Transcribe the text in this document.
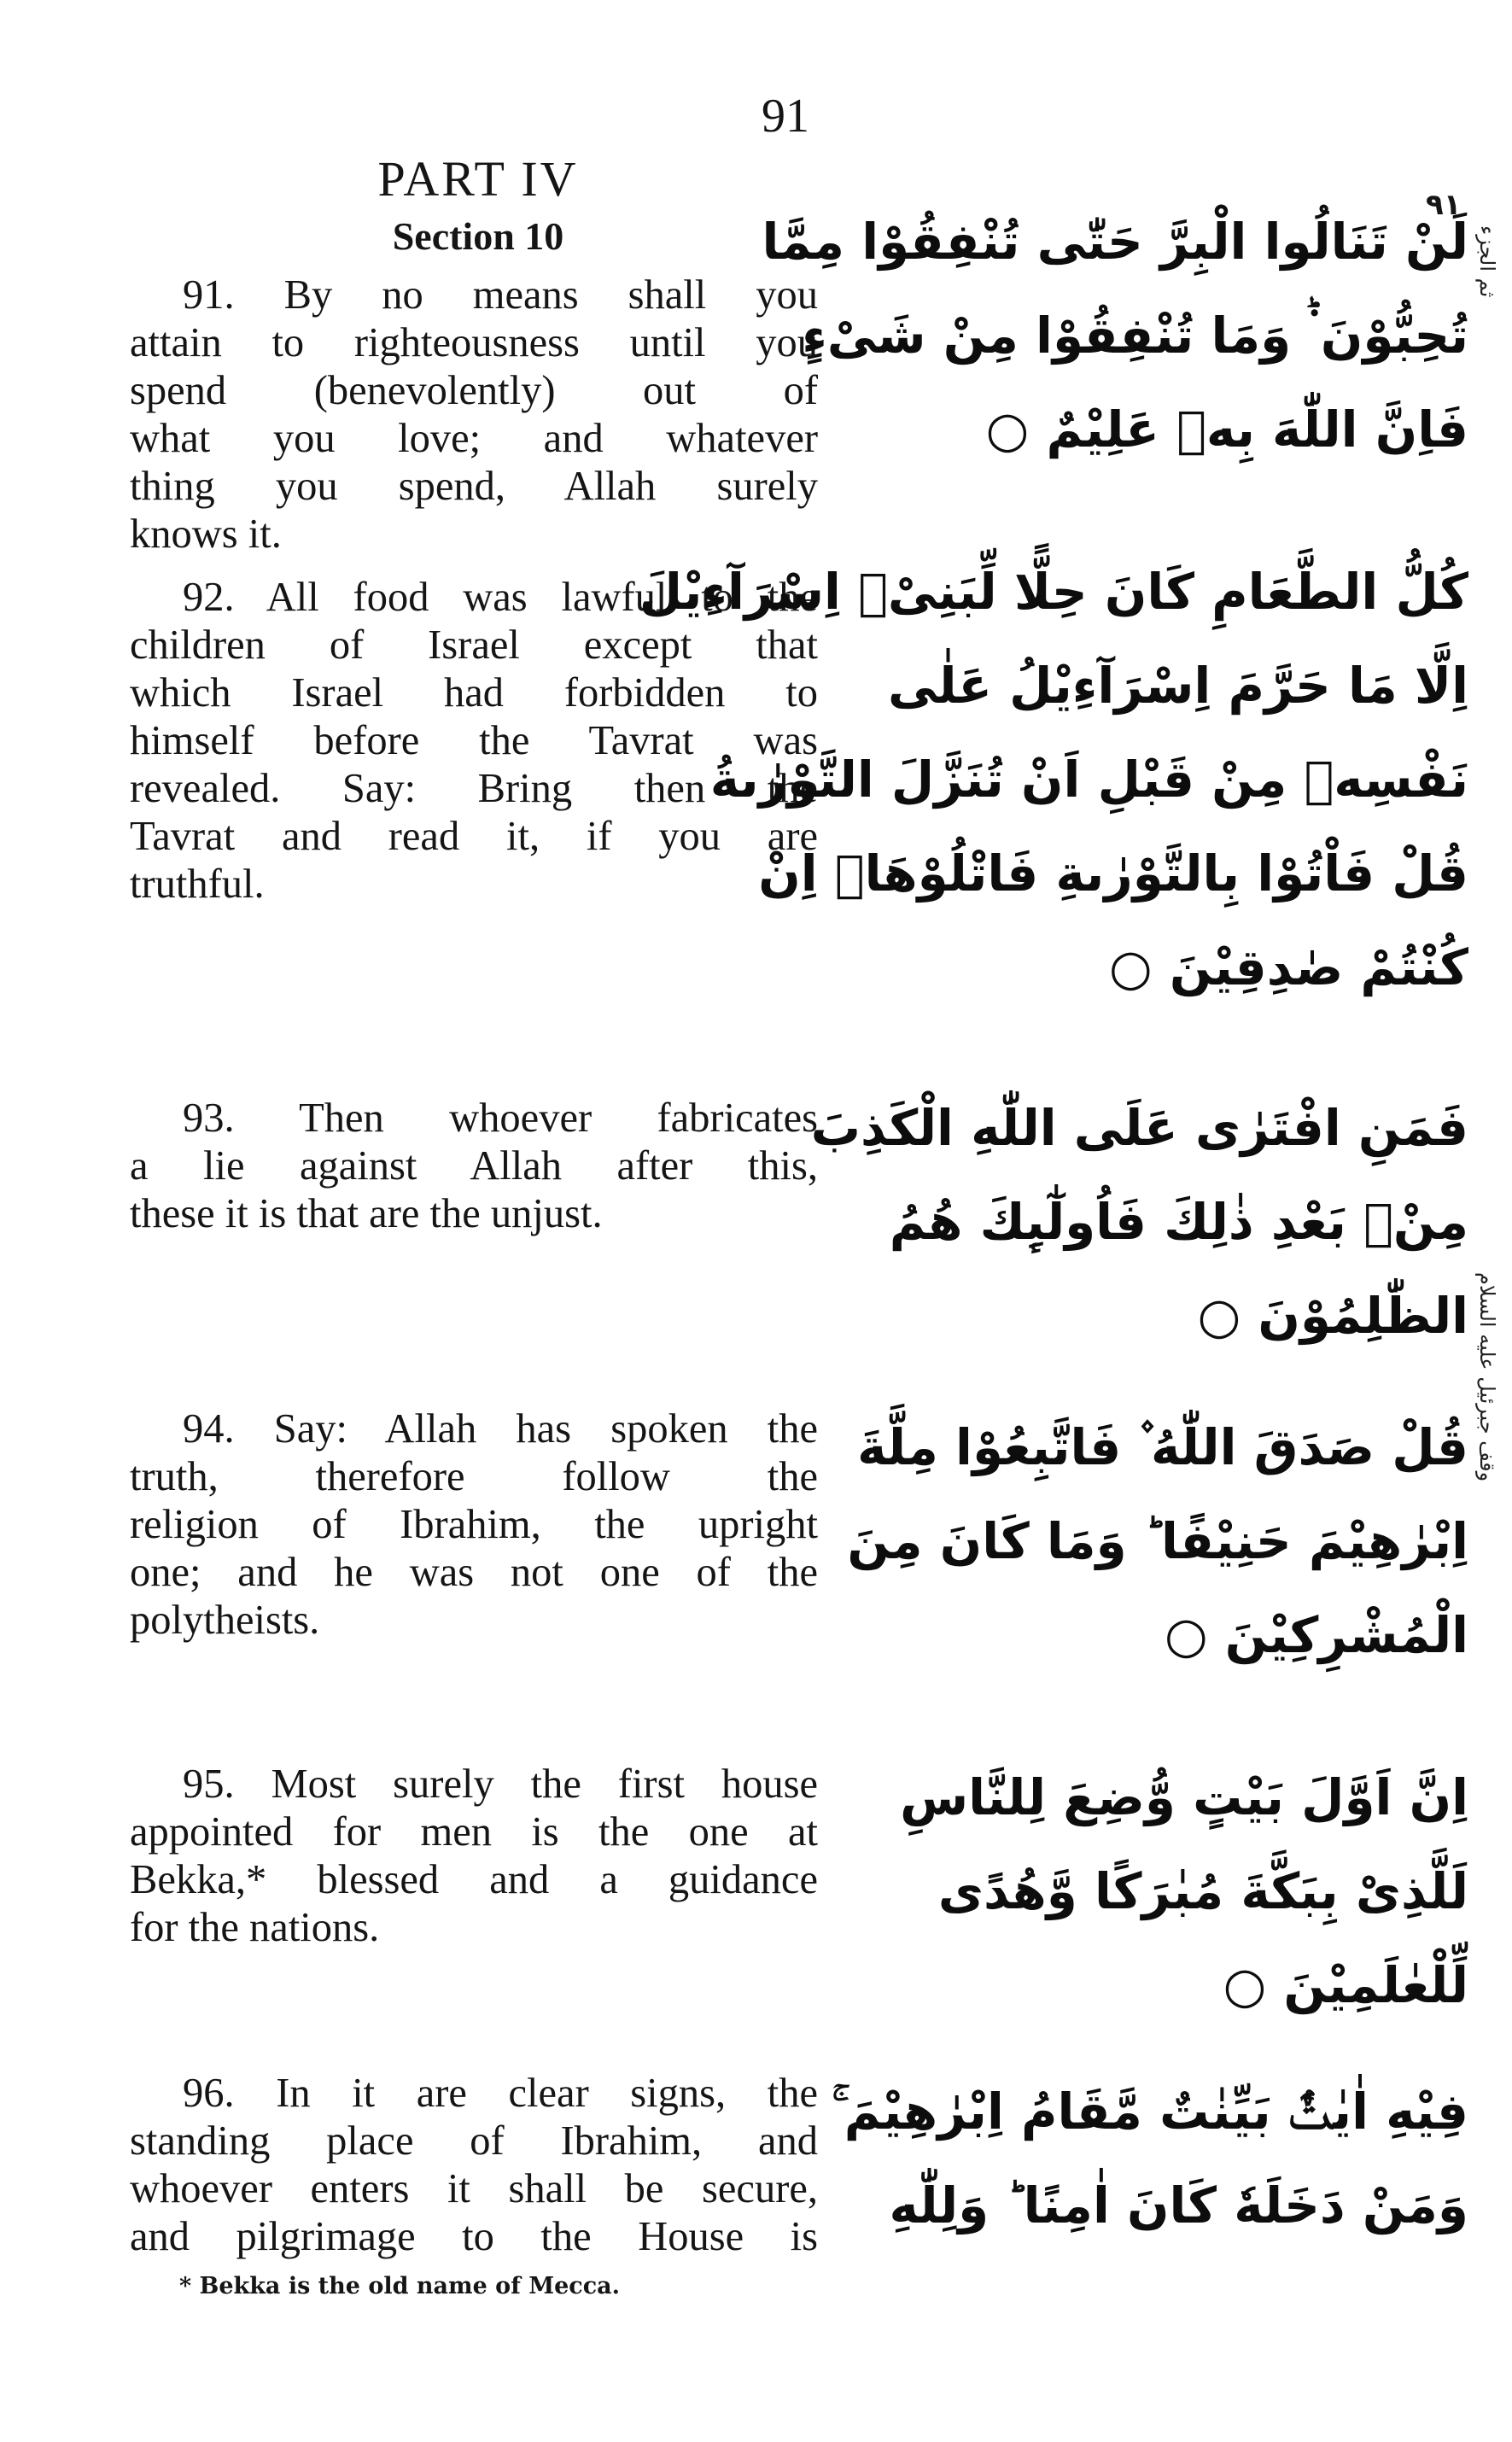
91
PART IV
Section 10

91. By no means shall you

attain to righteousness until you

spend (benevolently) out of

what you love; and whatever

thing you spend, Allah surely

knows it.

92. All food was lawful to the

children of Israel except that

which Israel had forbidden to

himself before the Tavrat was

revealed. Say: Bring then the

Tavrat and read it, if you are

truthful.

93. Then whoever fabricates

a lie against Allah after this,

these it is that are the unjust.

94. Say: Allah has spoken the

truth, therefore follow the

religion of Ibrahim, the upright

one; and he was not one of the

polytheists.

95. Most surely the first house

appointed for men is the one at

Bekka,* blessed and a guidance

for the nations.

96. In it are clear signs, the

standing place of Ibrahim, and

whoever enters it shall be secure,

and pilgrimage to the House is

* Bekka is the old name of Mecca.
٩١
لَنْ تَنَالُوا الْبِرَّ حَتّٰى تُنْفِقُوْا مِمَّا
تُحِبُّوْنَ ۬ؕ وَمَا تُنْفِقُوْا مِنْ شَیْءٍ
فَاِنَّ اللّٰهَ بِهٖ عَلِیْمٌ ○
كُلُّ الطَّعَامِ كَانَ حِلًّا لِّبَنِیْۤ اِسْرَآءِیْلَ
اِلَّا مَا حَرَّمَ اِسْرَآءِیْلُ عَلٰی
نَفْسِهٖ مِنْ قَبْلِ اَنْ تُنَزَّلَ التَّوْرٰىةُ
قُلْ فَاْتُوْا بِالتَّوْرٰىةِ فَاتْلُوْهَاۤ اِنْ
كُنْتُمْ صٰدِقِیْنَ ○
فَمَنِ افْتَرٰی عَلَی اللّٰهِ الْكَذِبَ
مِنْۢ بَعْدِ ذٰلِكَ فَاُولٰٓىِٕكَ هُمُ
الظّٰلِمُوْنَ ○
قُلْ صَدَقَ اللّٰهُ ۫ فَاتَّبِعُوْا مِلَّةَ
اِبْرٰهِیْمَ حَنِیْفًا ؕ وَمَا كَانَ مِنَ
الْمُشْرِكِیْنَ ○
اِنَّ اَوَّلَ بَیْتٍ وُّضِعَ لِلنَّاسِ
لَلَّذِیْ بِبَكَّةَ مُبٰرَكًا وَّهُدًی
لِّلْعٰلَمِیْنَ ○
فِیْهِ اٰیٰتٌۢ بَیِّنٰتٌ مَّقَامُ اِبْرٰهِیْمَ ۚ
وَمَنْ دَخَلَهٗ كَانَ اٰمِنًا ؕ وَلِلّٰهِ
ثم الجزء
وقف جبرئیل علیه السلام
